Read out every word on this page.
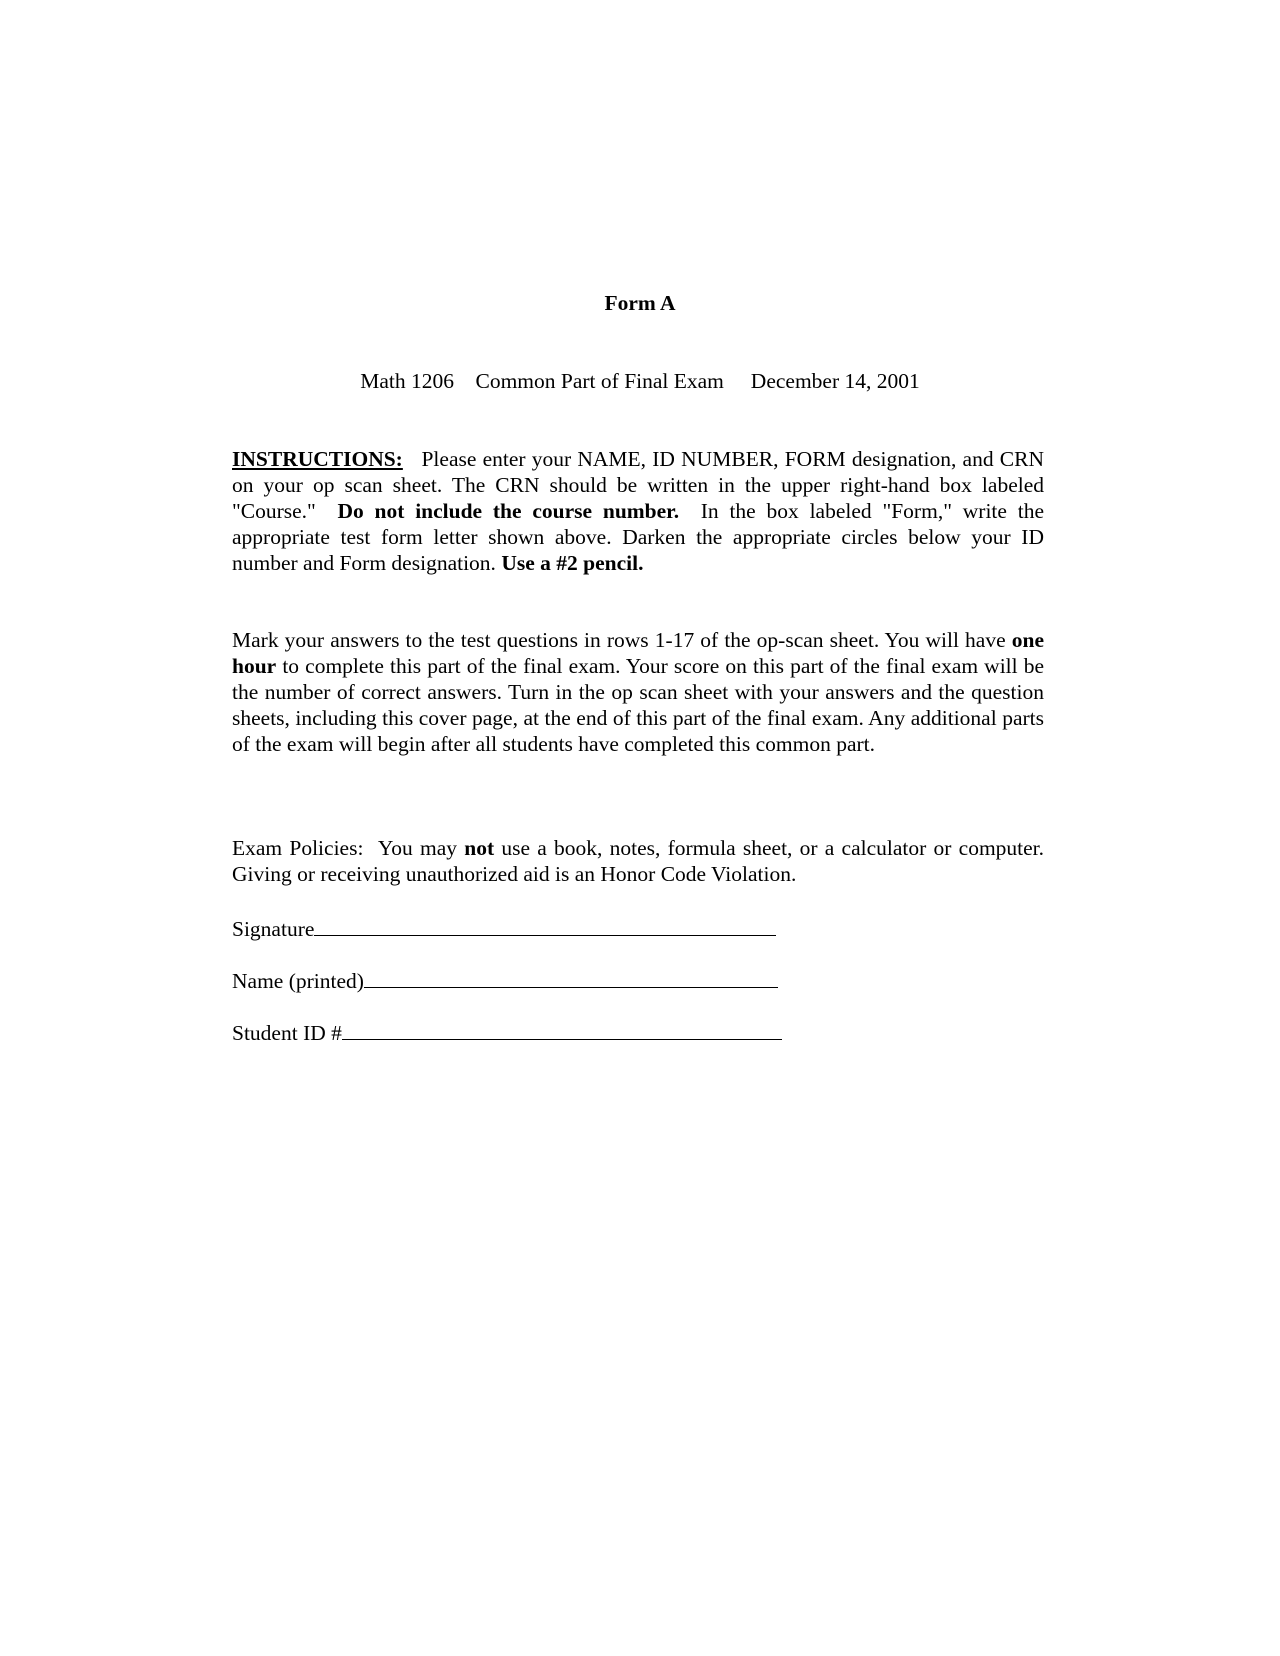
Form A
Math 1206 Common Part of Final Exam December 14, 2001

INSTRUCTIONS: Please enter your NAME, ID NUMBER, FORM designation, and CRN on your op scan sheet. The CRN should be written in the upper right-hand box labeled "Course." Do not include the course number. In the box labeled "Form," write the appropriate test form letter shown above. Darken the appropriate circles below your ID number and Form designation. Use a #2 pencil.

Mark your answers to the test questions in rows 1-17 of the op-scan sheet. You will have one hour to complete this part of the final exam. Your score on this part of the final exam will be the number of correct answers. Turn in the op scan sheet with your answers and the question sheets, including this cover page, at the end of this part of the final exam. Any additional parts of the exam will begin after all students have completed this common part.

Exam Policies: You may not use a book, notes, formula sheet, or a calculator or computer. Giving or receiving unauthorized aid is an Honor Code Violation.

Signature
Name (printed)
Student ID #
